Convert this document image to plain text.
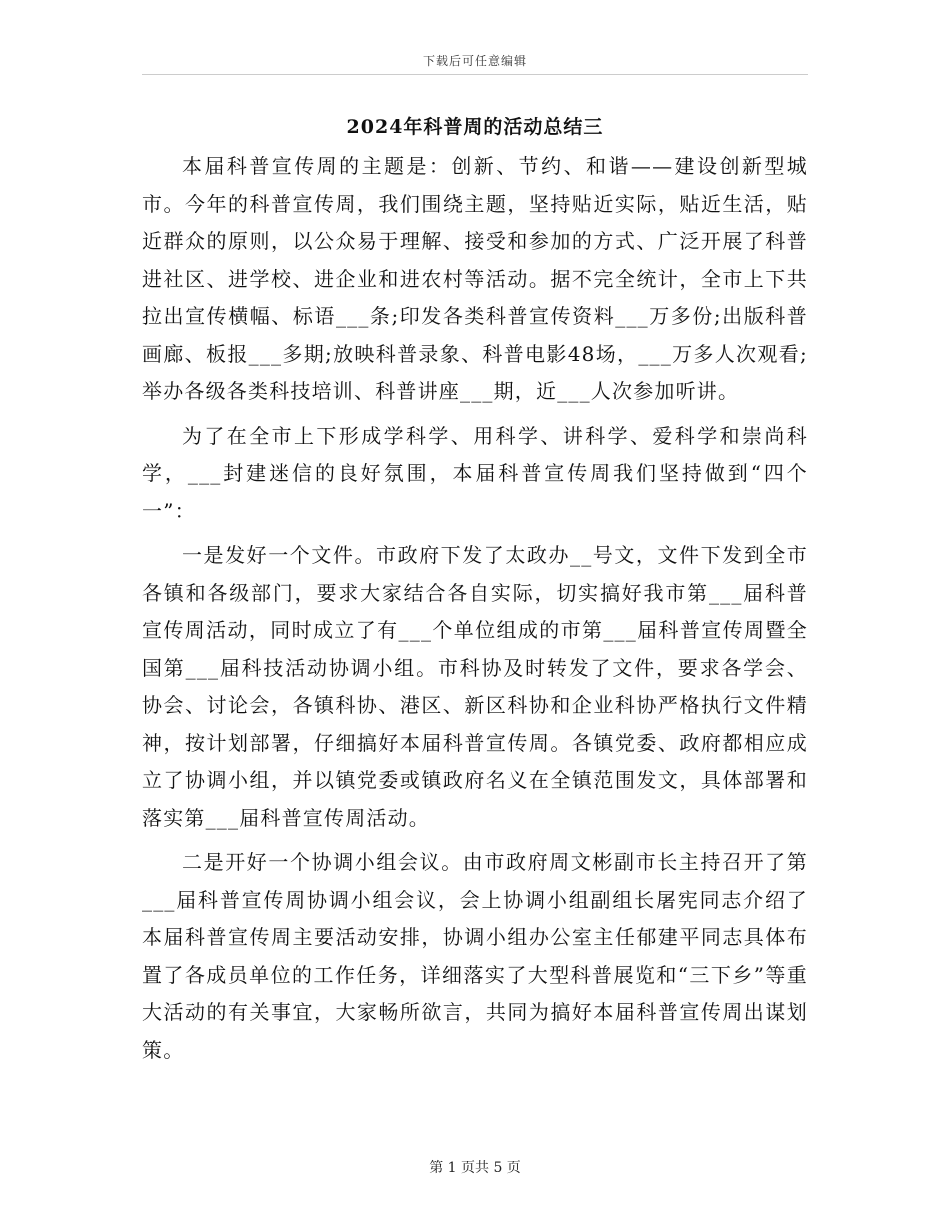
下载后可任意编辑
2024年科普周的活动总结三

本届科普宣传周的主题是：创新、节约、和谐——建设创新型城市。今年的科普宣传周，我们围绕主题，坚持贴近实际，贴近生活，贴近群众的原则，以公众易于理解、接受和参加的方式、广泛开展了科普进社区、进学校、进企业和进农村等活动。据不完全统计，全市上下共拉出宣传横幅、标语___条;印发各类科普宣传资料___万多份;出版科普画廊、板报___多期;放映科普录象、科普电影48场，___万多人次观看;举办各级各类科技培训、科普讲座___期，近___人次参加听讲。

为了在全市上下形成学科学、用科学、讲科学、爱科学和崇尚科学，___封建迷信的良好氛围，本届科普宣传周我们坚持做到“四个一”：

一是发好一个文件。市政府下发了太政办__号文，文件下发到全市各镇和各级部门，要求大家结合各自实际，切实搞好我市第___届科普宣传周活动，同时成立了有___个单位组成的市第___届科普宣传周暨全国第___届科技活动协调小组。市科协及时转发了文件，要求各学会、协会、讨论会，各镇科协、港区、新区科协和企业科协严格执行文件精神，按计划部署，仔细搞好本届科普宣传周。各镇党委、政府都相应成立了协调小组，并以镇党委或镇政府名义在全镇范围发文，具体部署和落实第___届科普宣传周活动。

二是开好一个协调小组会议。由市政府周文彬副市长主持召开了第___届科普宣传周协调小组会议，会上协调小组副组长屠宪同志介绍了本届科普宣传周主要活动安排，协调小组办公室主任郁建平同志具体布置了各成员单位的工作任务，详细落实了大型科普展览和“三下乡”等重大活动的有关事宜，大家畅所欲言，共同为搞好本届科普宣传周出谋划策。

第 1 页共 5 页
